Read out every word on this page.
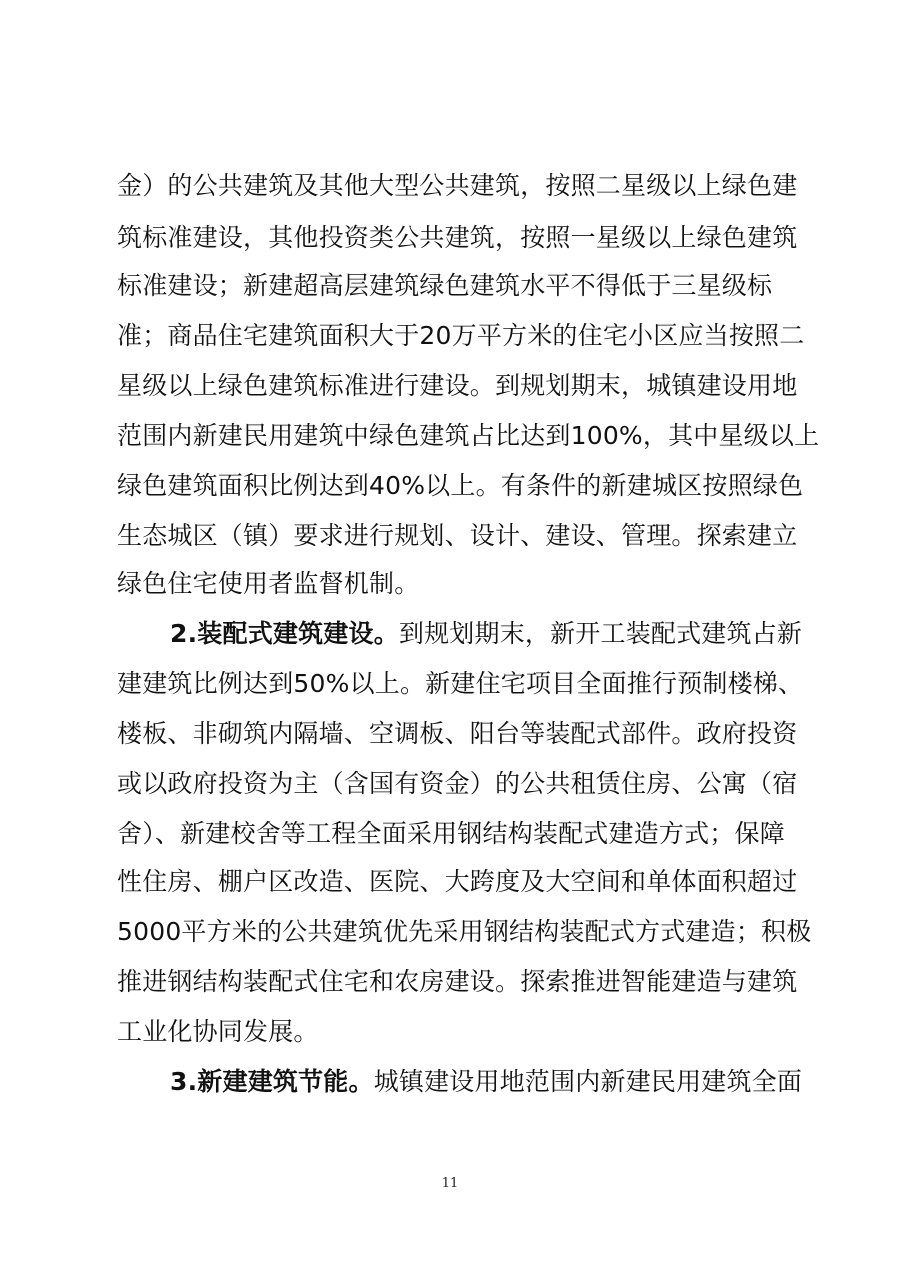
金）的公共建筑及其他大型公共建筑，按照二星级以上绿色建
筑标准建设，其他投资类公共建筑，按照一星级以上绿色建筑
标准建设；新建超高层建筑绿色建筑水平不得低于三星级标
准；商品住宅建筑面积大于20万平方米的住宅小区应当按照二
星级以上绿色建筑标准进行建设。到规划期末，城镇建设用地
范围内新建民用建筑中绿色建筑占比达到100%，其中星级以上
绿色建筑面积比例达到40%以上。有条件的新建城区按照绿色
生态城区（镇）要求进行规划、设计、建设、管理。探索建立
绿色住宅使用者监督机制。
2.装配式建筑建设。到规划期末，新开工装配式建筑占新
建建筑比例达到50%以上。新建住宅项目全面推行预制楼梯、
楼板、非砌筑内隔墙、空调板、阳台等装配式部件。政府投资
或以政府投资为主（含国有资金）的公共租赁住房、公寓（宿
舍）、新建校舍等工程全面采用钢结构装配式建造方式；保障
性住房、棚户区改造、医院、大跨度及大空间和单体面积超过
5000平方米的公共建筑优先采用钢结构装配式方式建造；积极
推进钢结构装配式住宅和农房建设。探索推进智能建造与建筑
工业化协同发展。
3.新建建筑节能。城镇建设用地范围内新建民用建筑全面
11
